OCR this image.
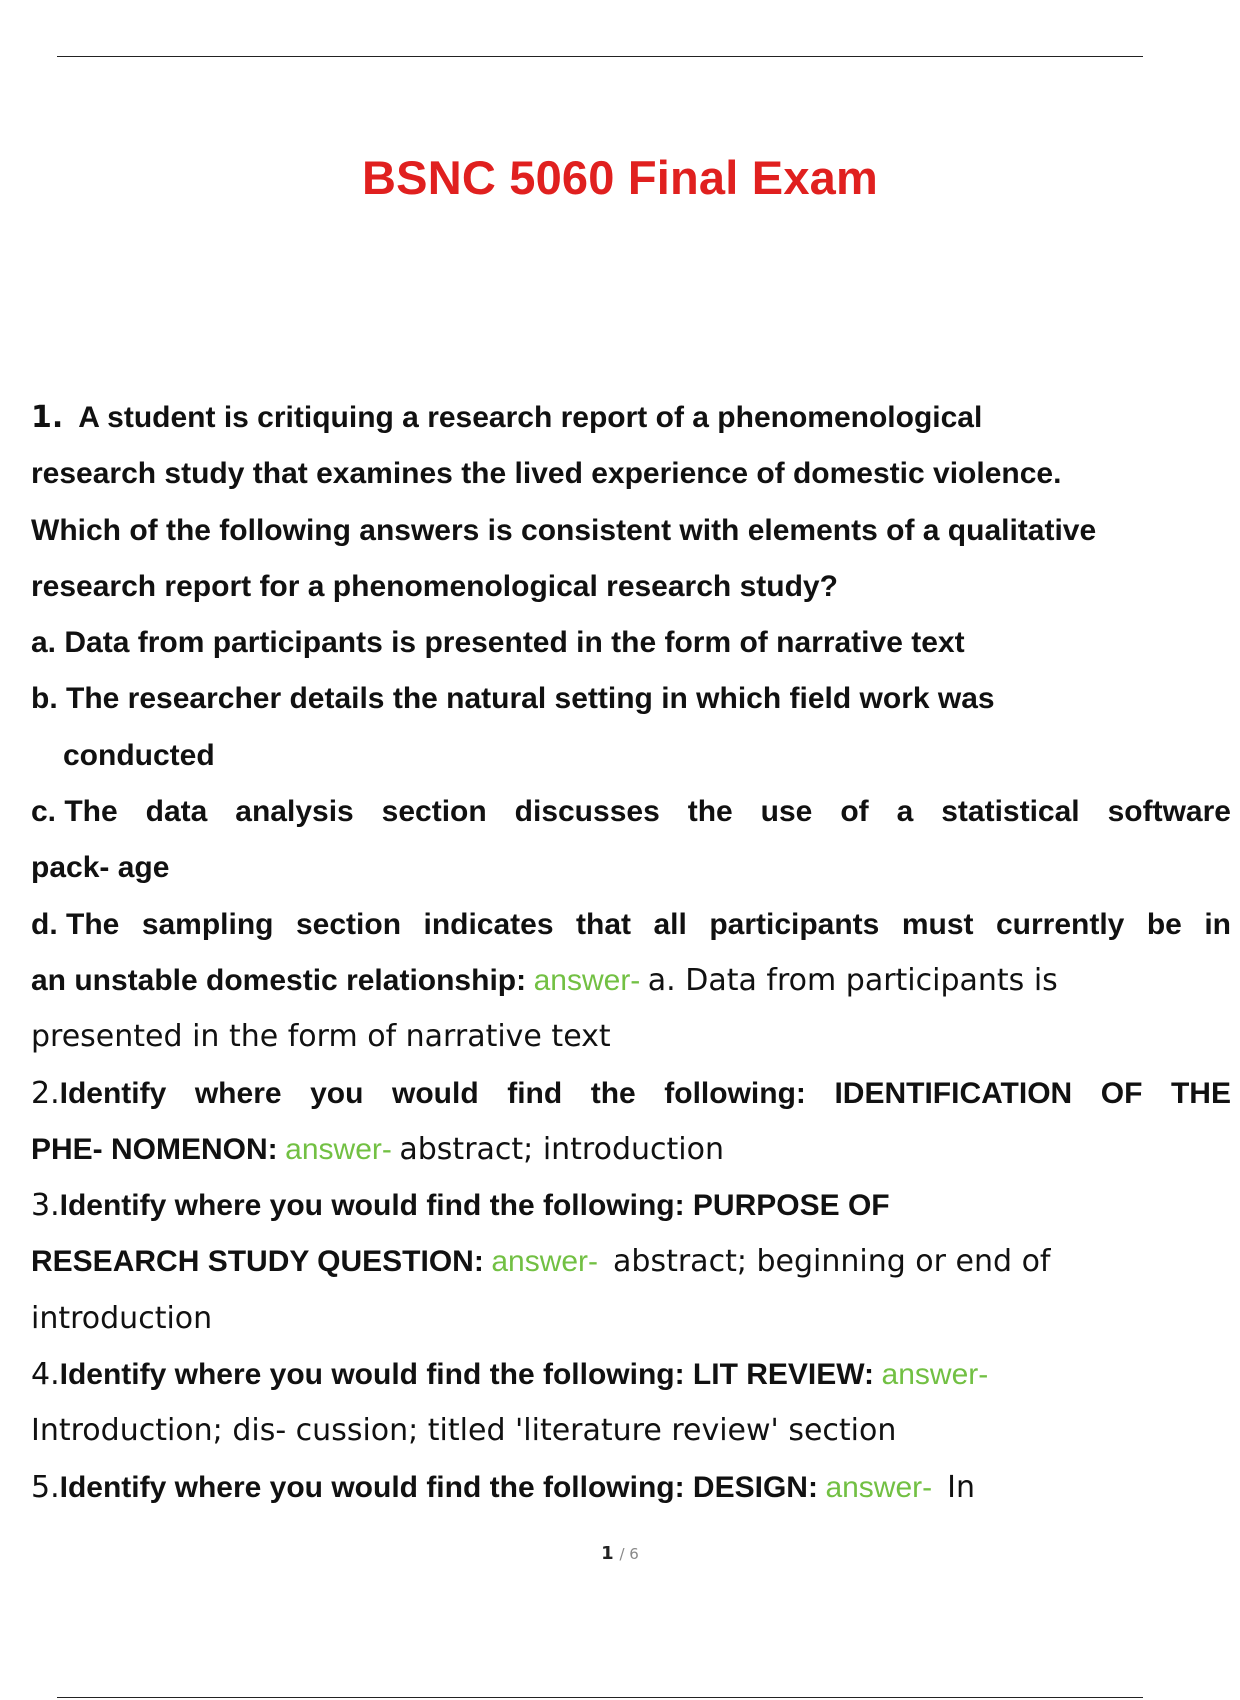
BSNC 5060 Final Exam
1. A student is critiquing a research report of a phenomenological
research study that examines the lived experience of domestic violence.
Which of the following answers is consistent with elements of a qualitative
research report for a phenomenological research study?
a. Data from participants is presented in the form of narrative text
b. The researcher details the natural setting in which field work was
conducted
c. The data analysis section discusses the use of a statistical software
pack- age
d. The sampling section indicates that all participants must currently be in
an unstable domestic relationship: answer- a. Data from participants is
presented in the form of narrative text
2.Identify where you would find the following: IDENTIFICATION OF THE
PHE- NOMENON: answer- abstract; introduction
3.Identify where you would find the following: PURPOSE OF
RESEARCH STUDY QUESTION: answer- abstract; beginning or end of
introduction
4.Identify where you would find the following: LIT REVIEW: answer-
Introduction; dis- cussion; titled 'literature review' section
5.Identify where you would find the following: DESIGN: answer- In
1 / 6
